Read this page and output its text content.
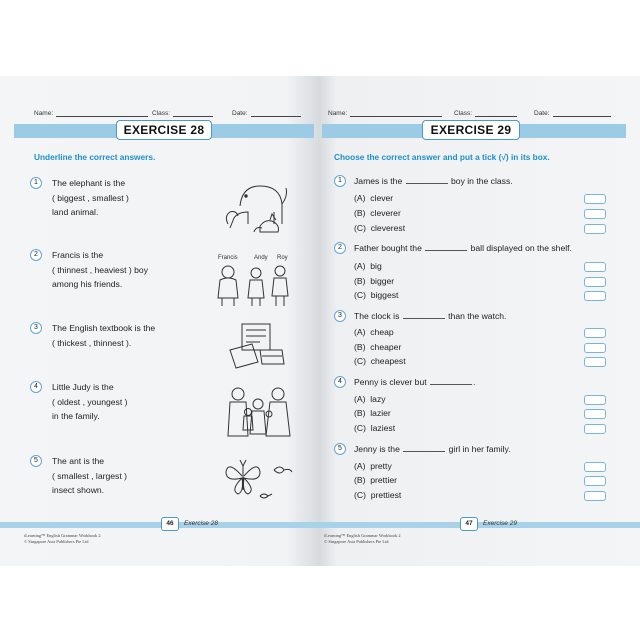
Name:	Class:	Date:
EXERCISE 28
Underline the correct answers.
1	The elephant is the
( biggest , smallest )
land animal.
2	Francis is the
( thinnest , heaviest ) boy
among his friends.
Francis	Andy Roy
3	The English textbook is the
( thickest , thinnest ).
4	Little Judy is the
( oldest , youngest )
in the family.
5	The ant is the
( smallest , largest )
insect shown.
46	Exercise 28
iLearning™ English Grammar Workbook 2
© Singapore Asia Publishers Pte Ltd
Name:	Class:	Date:
EXERCISE 29
Choose the correct answer and put a tick (√) in its box.
1	James is the	boy in the class.
(A) clever
(B) cleverer
(C) cleverest
2	Father bought the	ball displayed on the shelf.
(A) big
(B) bigger
(C) biggest
3	The clock is	than the watch.
(A) cheap
(B) cheaper
(C) cheapest
4	Penny is clever but	.
(A) lazy
(B) lazier
(C) laziest
5	Jenny is the	girl in her family.
(A) pretty
(B) prettier
(C) prettiest
47	Exercise 29
iLearning™ English Grammar Workbook 2
© Singapore Asia Publishers Pte Ltd
